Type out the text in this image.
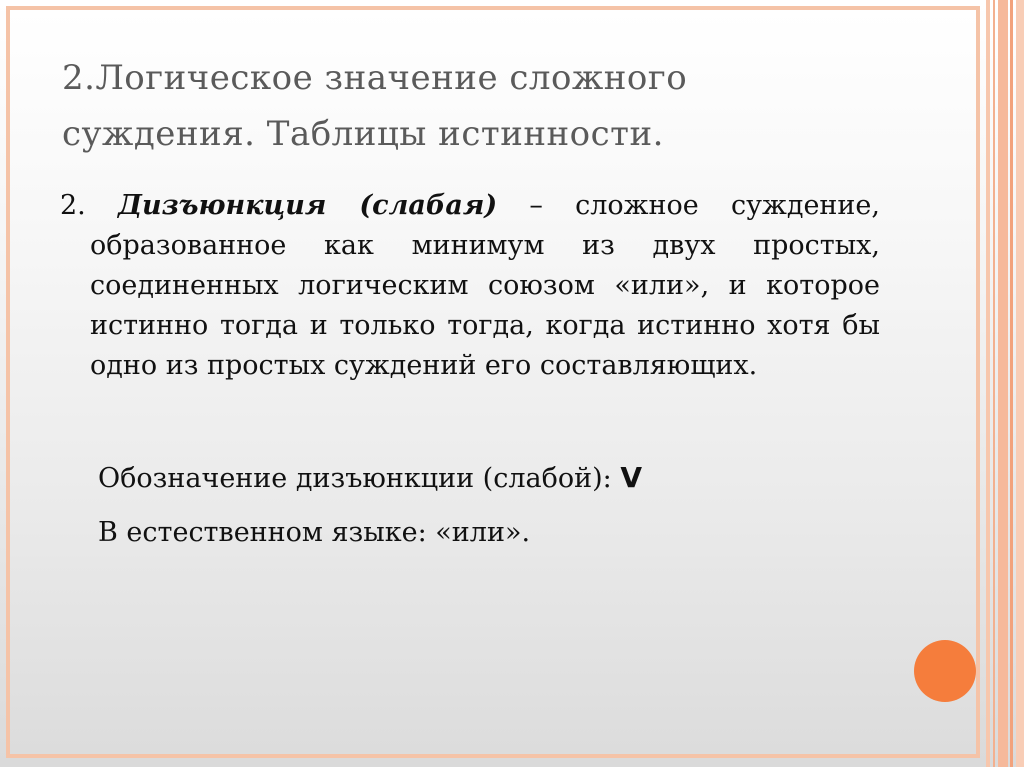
2.Логическое значение сложного
суждения. Таблицы истинности.

2. Дизъюнкция (слабая) – сложное суждение, образованное как минимум из двух простых, соединенных логическим союзом «или», и которое истинно тогда и только тогда, когда истинно хотя бы одно из простых суждений его составляющих.

Обозначение дизъюнкции (слабой): V

В естественном языке: «или».
